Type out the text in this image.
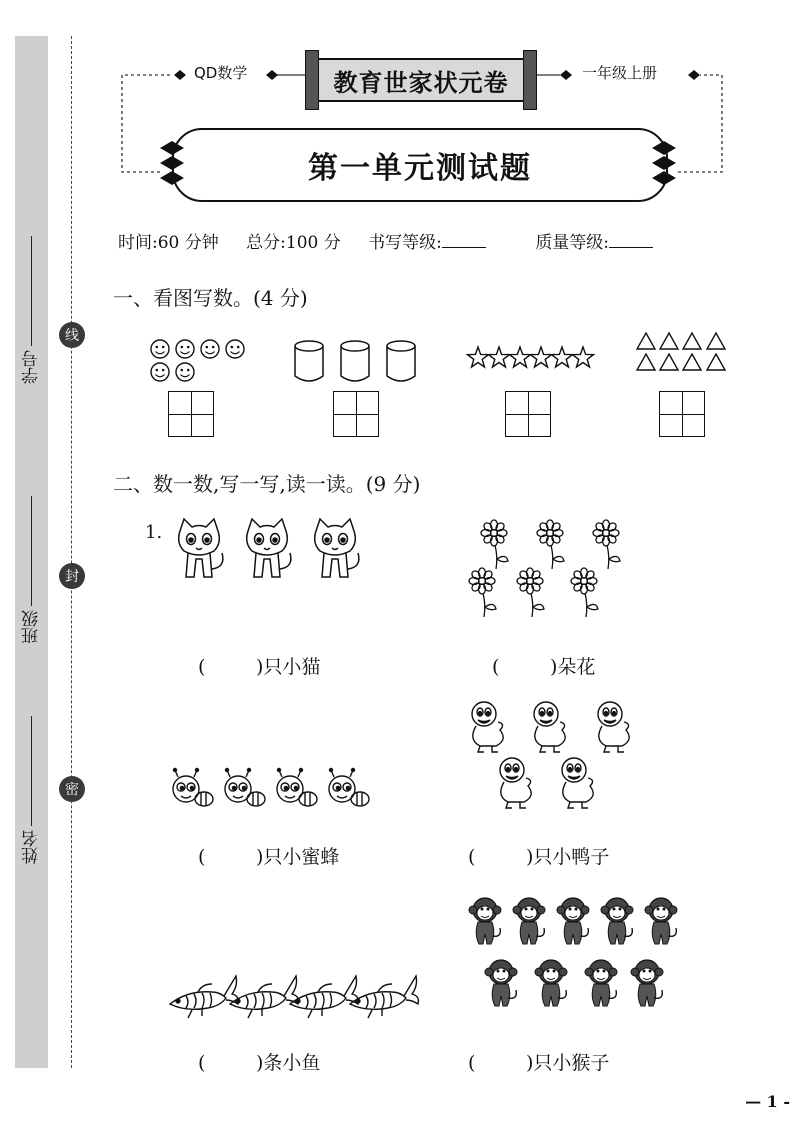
学号
班级
姓名
线
封
密
QD数学	一年级上册
教育世家状元卷
第一单元测试题
时间:60 分钟 总分:100 分 书写等级:	质量等级:
一、看图写数。(4 分)
二、数一数,写一写,读一读。(9 分)
1.
(	)只小猫	(	)朵花
(	)只小蜜蜂	(	)只小鸭子
(	)条小鱼	(	)只小猴子
— 1 -
